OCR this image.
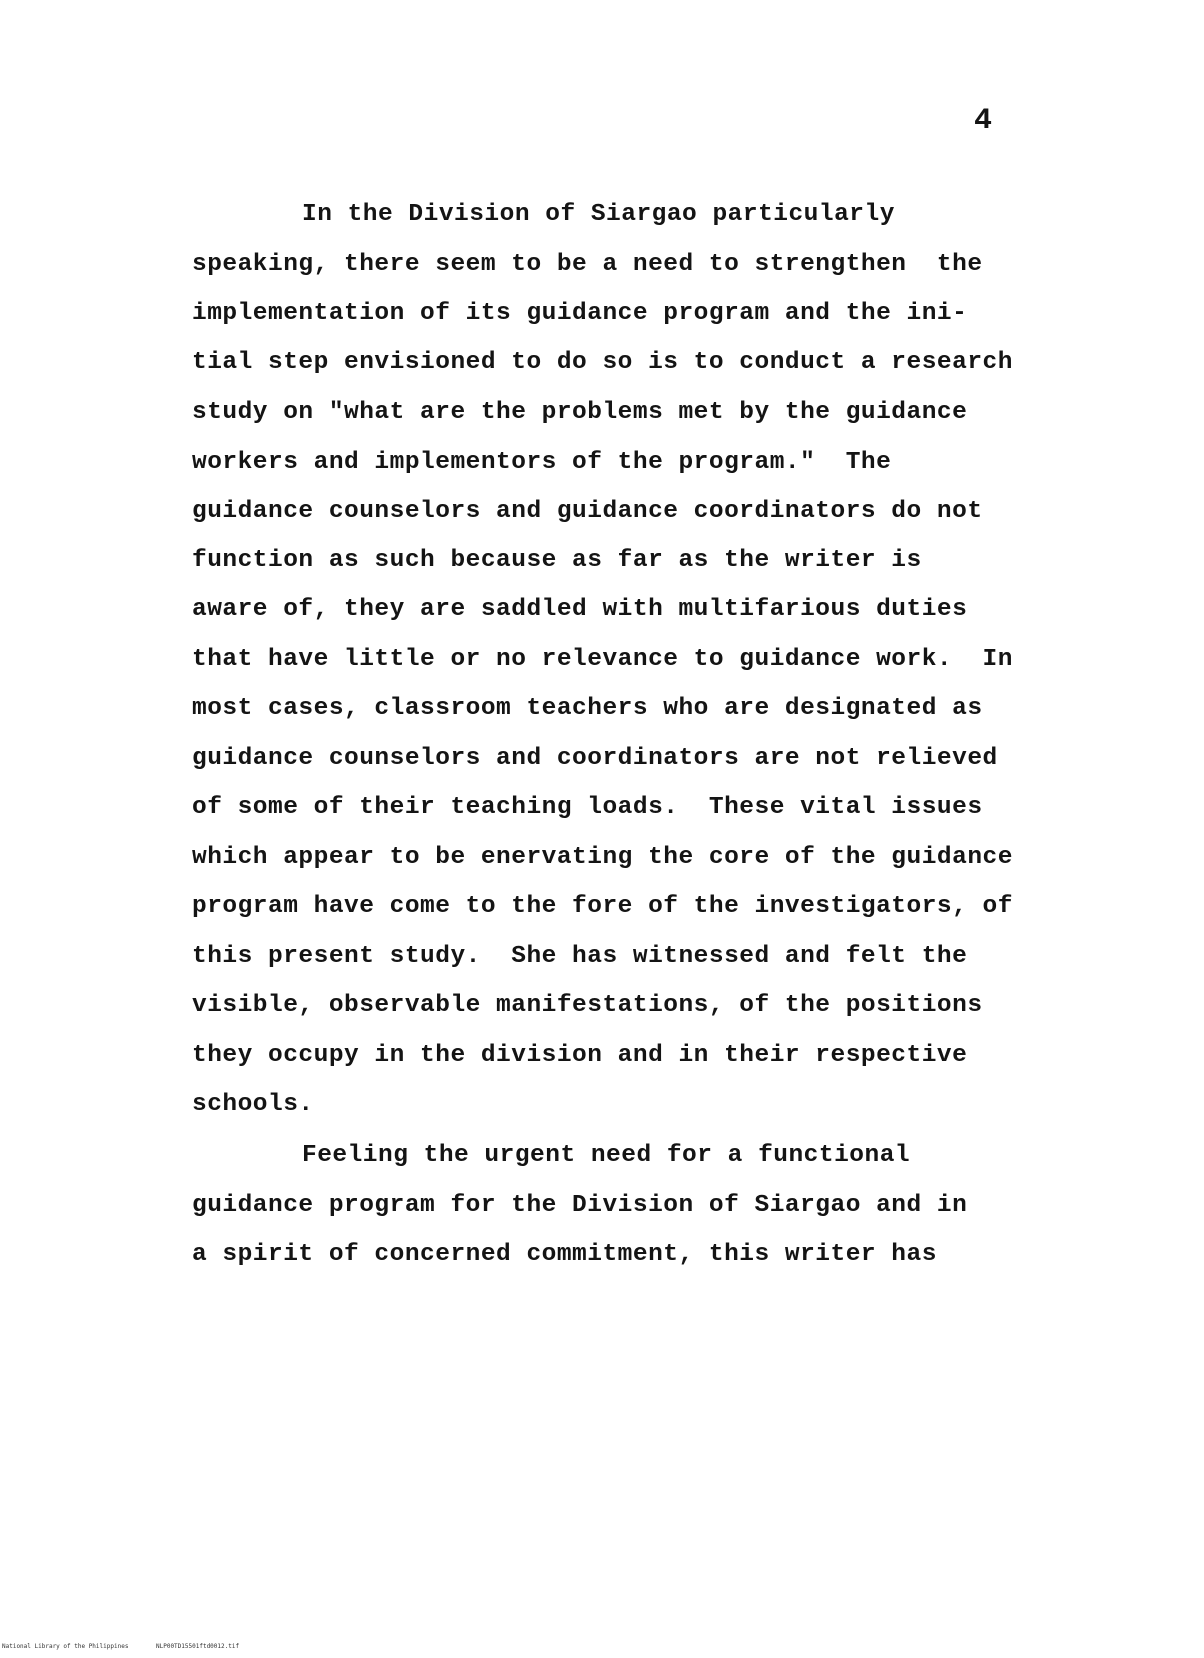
4
In the Division of Siargao particularly
speaking, there seem to be a need to strengthen  the
implementation of its guidance program and the ini-
tial step envisioned to do so is to conduct a research
study on "what are the problems met by the guidance
workers and implementors of the program."  The
guidance counselors and guidance coordinators do not
function as such because as far as the writer is
aware of, they are saddled with multifarious duties
that have little or no relevance to guidance work.  In
most cases, classroom teachers who are designated as
guidance counselors and coordinators are not relieved
of some of their teaching loads.  These vital issues
which appear to be enervating the core of the guidance
program have come to the fore of the investigators, of
this present study.  She has witnessed and felt the
visible, observable manifestations, of the positions
they occupy in the division and in their respective
schools.
Feeling the urgent need for a functional
guidance program for the Division of Siargao and in
a spirit of concerned commitment, this writer has
National Library of the Philippines	NLP00TD15501ftd0012.tif
